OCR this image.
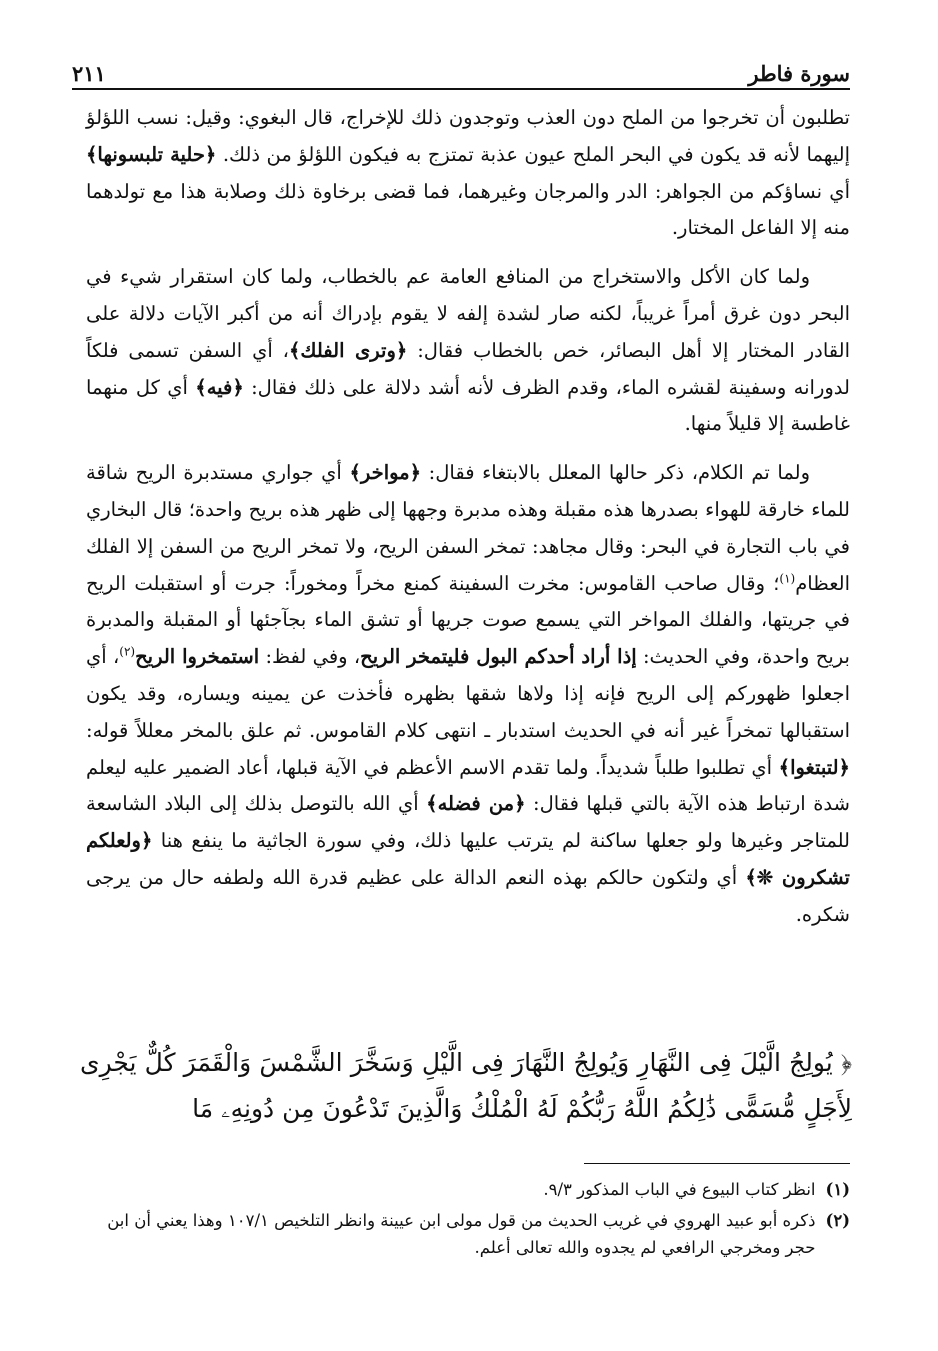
سورة فاطر
٢١١

تطلبون أن تخرجوا من الملح دون العذب وتوجدون ذلك للإخراج، قال البغوي: وقيل: نسب اللؤلؤ إليهما لأنه قد يكون في البحر الملح عيون عذبة تمتزج به فيكون اللؤلؤ من ذلك. ﴿حلية تلبسونها﴾ أي نساؤكم من الجواهر: الدر والمرجان وغيرهما، فما قضى برخاوة ذلك وصلابة هذا مع تولدهما منه إلا الفاعل المختار.

ولما كان الأكل والاستخراج من المنافع العامة عم بالخطاب، ولما كان استقرار شيء في البحر دون غرق أمراً غريباً، لكنه صار لشدة إلفه لا يقوم بإدراك أنه من أكبر الآيات دلالة على القادر المختار إلا أهل البصائر، خص بالخطاب فقال: ﴿وترى الفلك﴾، أي السفن تسمى فلكاً لدورانه وسفينة لقشره الماء، وقدم الظرف لأنه أشد دلالة على ذلك فقال: ﴿فيه﴾ أي كل منهما غاطسة إلا قليلاً منها.

ولما تم الكلام، ذكر حالها المعلل بالابتغاء فقال: ﴿مواخر﴾ أي جواري مستدبرة الريح شاقة للماء خارقة للهواء بصدرها هذه مقبلة وهذه مدبرة وجهها إلى ظهر هذه بريح واحدة؛ قال البخاري في باب التجارة في البحر: وقال مجاهد: تمخر السفن الريح، ولا تمخر الريح من السفن إلا الفلك العظام$^{(١)}$؛ وقال صاحب القاموس: مخرت السفينة كمنع مخراً ومخوراً: جرت أو استقبلت الريح في جريتها، والفلك المواخر التي يسمع صوت جريها أو تشق الماء بجآجئها أو المقبلة والمدبرة بريح واحدة، وفي الحديث: إذا أراد أحدكم البول فليتمخر الريح، وفي لفظ: استمخروا الريح$^{(٢)}$، أي اجعلوا ظهوركم إلى الريح فإنه إذا ولاها شقها بظهره فأخذت عن يمينه ويساره، وقد يكون استقبالها تمخراً غير أنه في الحديث استدبار ـ انتهى كلام القاموس. ثم علق بالمخر معللاً قوله: ﴿لتبتغوا﴾ أي تطلبوا طلباً شديداً. ولما تقدم الاسم الأعظم في الآية قبلها، أعاد الضمير عليه ليعلم شدة ارتباط هذه الآية بالتي قبلها فقال: ﴿من فضله﴾ أي الله بالتوصل بذلك إلى البلاد الشاسعة للمتاجر وغيرها ولو جعلها ساكنة لم يترتب عليها ذلك، وفي سورة الجاثية ما ينفع هنا ﴿ولعلكم تشكرون ❊﴾ أي ولتكون حالكم بهذه النعم الدالة على عظيم قدرة الله ولطفه حال من يرجى شكره.

﴿ يُولِجُ الَّيْلَ فِى النَّهَارِ وَيُولِجُ النَّهَارَ فِى الَّيْلِ وَسَخَّرَ الشَّمْسَ وَالْقَمَرَ كُلٌّ يَجْرِى لِأَجَلٍ مُّسَمًّى ذَٰلِكُمُ اللَّهُ رَبُّكُمْ لَهُ الْمُلْكُ وَالَّذِينَ تَدْعُونَ مِن دُونِهِۦ مَا
(١)
انظر كتاب البيوع في الباب المذكور ٩/٣.
(٢)
ذكره أبو عبيد الهروي في غريب الحديث من قول مولى ابن عيينة وانظر التلخيص ١٠٧/١ وهذا يعني أن ابن حجر ومخرجي الرافعي لم يجدوه والله تعالى أعلم.
